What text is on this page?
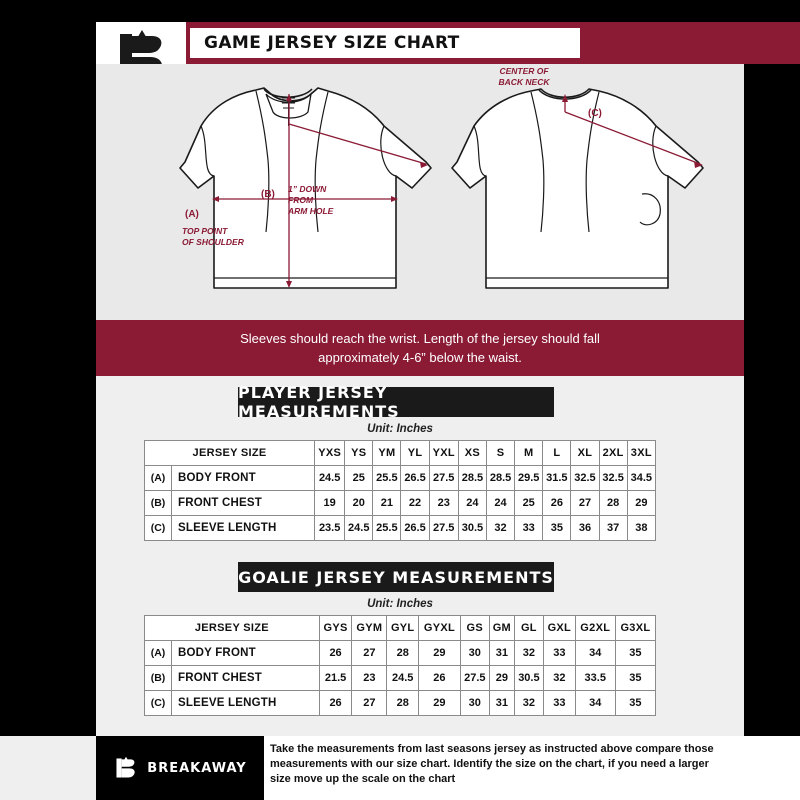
GAME JERSEY SIZE CHART
CENTER OF
BACK NECK
1” DOWN
FROM
ARM HOLE
TOP POINT
OF SHOULDER
(A)
(B)
(C)
Sleeves should reach the wrist. Length of the jersey should fall
approximately 4-6” below the waist.
PLAYER JERSEY MEASUREMENTS
Unit: Inches
JERSEY SIZE		YXS	YS	YM	YL	YXL	XS	S	M	L	XL	2XL	3XL
(A)	BODY FRONT	24.5	25	25.5	26.5	27.5	28.5	28.5	29.5	31.5	32.5	32.5	34.5
(B)	FRONT CHEST	19	20	21	22	23	24	24	25	26	27	28	29
(C)	SLEEVE LENGTH	23.5	24.5	25.5	26.5	27.5	30.5	32	33	35	36	37	38
GOALIE JERSEY MEASUREMENTS
Unit: Inches
JERSEY SIZE		GYS	GYM	GYL	GYXL	GS	GM	GL	GXL	G2XL	G3XL
(A)	BODY FRONT	26	27	28	29	30	31	32	33	34	35
(B)	FRONT CHEST	21.5	23	24.5	26	27.5	29	30.5	32	33.5	35
(C)	SLEEVE LENGTH	26	27	28	29	30	31	32	33	34	35
BREAKAWAY
Take the measurements from last seasons jersey as instructed above compare those measurements with our size chart. Identify the size on the chart, if you need a larger size move up the scale on the chart
